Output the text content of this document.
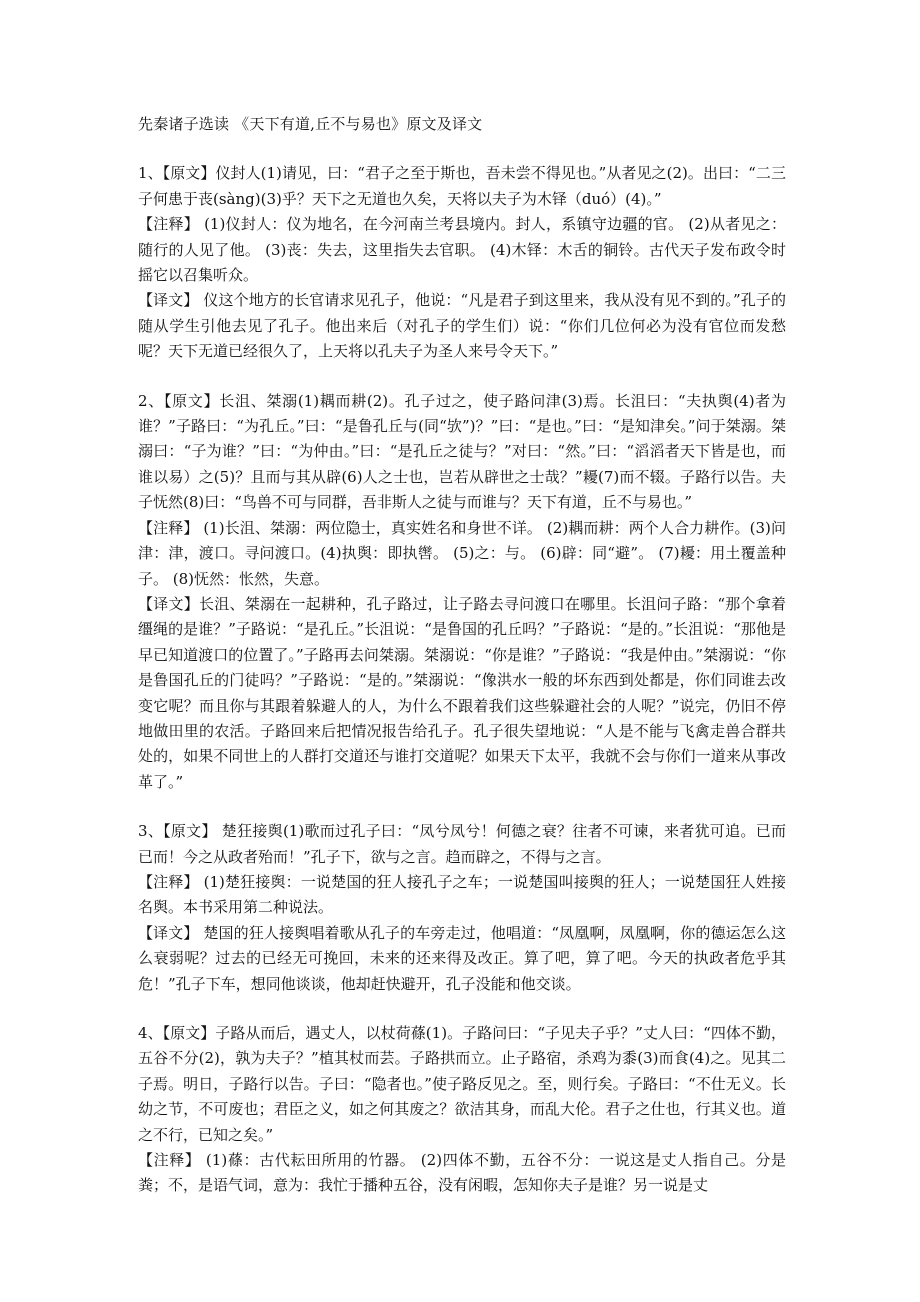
先秦诸子选读 《天下有道,丘不与易也》原文及译文

1、【原文】仪封人(1)请见，曰：“君子之至于斯也，吾未尝不得见也。”从者见之(2)。出曰：“二三子何患于丧(sàng)(3)乎？天下之无道也久矣，天将以夫子为木铎（duó）(4)。”

【注释】 (1)仪封人：仪为地名，在今河南兰考县境内。封人，系镇守边疆的官。 (2)从者见之：随行的人见了他。 (3)丧：失去，这里指失去官职。 (4)木铎：木舌的铜铃。古代天子发布政令时摇它以召集听众。

【译文】 仪这个地方的长官请求见孔子，他说：“凡是君子到这里来，我从没有见不到的。”孔子的随从学生引他去见了孔子。他出来后（对孔子的学生们）说：“你们几位何必为没有官位而发愁呢？天下无道已经很久了，上天将以孔夫子为圣人来号令天下。”

2、【原文】长沮、桀溺(1)耦而耕(2)。孔子过之，使子路问津(3)焉。长沮曰：“夫执舆(4)者为谁？”子路曰：“为孔丘。”曰：“是鲁孔丘与(同“欤”)？”曰：“是也。”曰：“是知津矣。”问于桀溺。桀溺曰：“子为谁？”曰：“为仲由。”曰：“是孔丘之徒与？”对曰：“然。”曰：“滔滔者天下皆是也，而谁以易）之(5)？且而与其从辟(6)人之士也，岂若从辟世之士哉？”耰(7)而不辍。子路行以告。夫子怃然(8)曰：“鸟兽不可与同群，吾非斯人之徒与而谁与？天下有道，丘不与易也。”

【注释】 (1)长沮、桀溺：两位隐士，真实姓名和身世不详。 (2)耦而耕：两个人合力耕作。(3)问津：津，渡口。寻问渡口。(4)执舆：即执辔。 (5)之：与。 (6)辟：同“避”。 (7)耰：用土覆盖种子。 (8)怃然：怅然，失意。

【译文】长沮、桀溺在一起耕种，孔子路过，让子路去寻问渡口在哪里。长沮问子路：“那个拿着缰绳的是谁？”子路说：“是孔丘。”长沮说：“是鲁国的孔丘吗？”子路说：“是的。”长沮说：“那他是早已知道渡口的位置了。”子路再去问桀溺。桀溺说：“你是谁？”子路说：“我是仲由。”桀溺说：“你是鲁国孔丘的门徒吗？”子路说：“是的。”桀溺说：“像洪水一般的坏东西到处都是，你们同谁去改变它呢？而且你与其跟着躲避人的人，为什么不跟着我们这些躲避社会的人呢？”说完，仍旧不停地做田里的农活。子路回来后把情况报告给孔子。孔子很失望地说：“人是不能与飞禽走兽合群共处的，如果不同世上的人群打交道还与谁打交道呢？如果天下太平，我就不会与你们一道来从事改革了。”

3、【原文】 楚狂接舆(1)歌而过孔子曰：“凤兮凤兮！何德之衰？往者不可谏，来者犹可追。已而已而！今之从政者殆而！”孔子下，欲与之言。趋而辟之，不得与之言。

【注释】 (1)楚狂接舆：一说楚国的狂人接孔子之车；一说楚国叫接舆的狂人；一说楚国狂人姓接名舆。本书采用第二种说法。

【译文】 楚国的狂人接舆唱着歌从孔子的车旁走过，他唱道：“凤凰啊，凤凰啊，你的德运怎么这么衰弱呢？过去的已经无可挽回，未来的还来得及改正。算了吧，算了吧。今天的执政者危乎其危！”孔子下车，想同他谈谈，他却赶快避开，孔子没能和他交谈。

4、【原文】子路从而后，遇丈人，以杖荷蓧(1)。子路问曰：“子见夫子乎？”丈人曰：“四体不勤，五谷不分(2)，孰为夫子？”植其杖而芸。子路拱而立。止子路宿，杀鸡为黍(3)而食(4)之。见其二子焉。明日，子路行以告。子曰：“隐者也。”使子路反见之。至，则行矣。子路曰：“不仕无义。长幼之节，不可废也；君臣之义，如之何其废之？欲洁其身，而乱大伦。君子之仕也，行其义也。道之不行，已知之矣。”

【注释】 (1)蓧：古代耘田所用的竹器。 (2)四体不勤，五谷不分：一说这是丈人指自己。分是粪；不，是语气词，意为：我忙于播种五谷，没有闲暇，怎知你夫子是谁？另一说是丈
